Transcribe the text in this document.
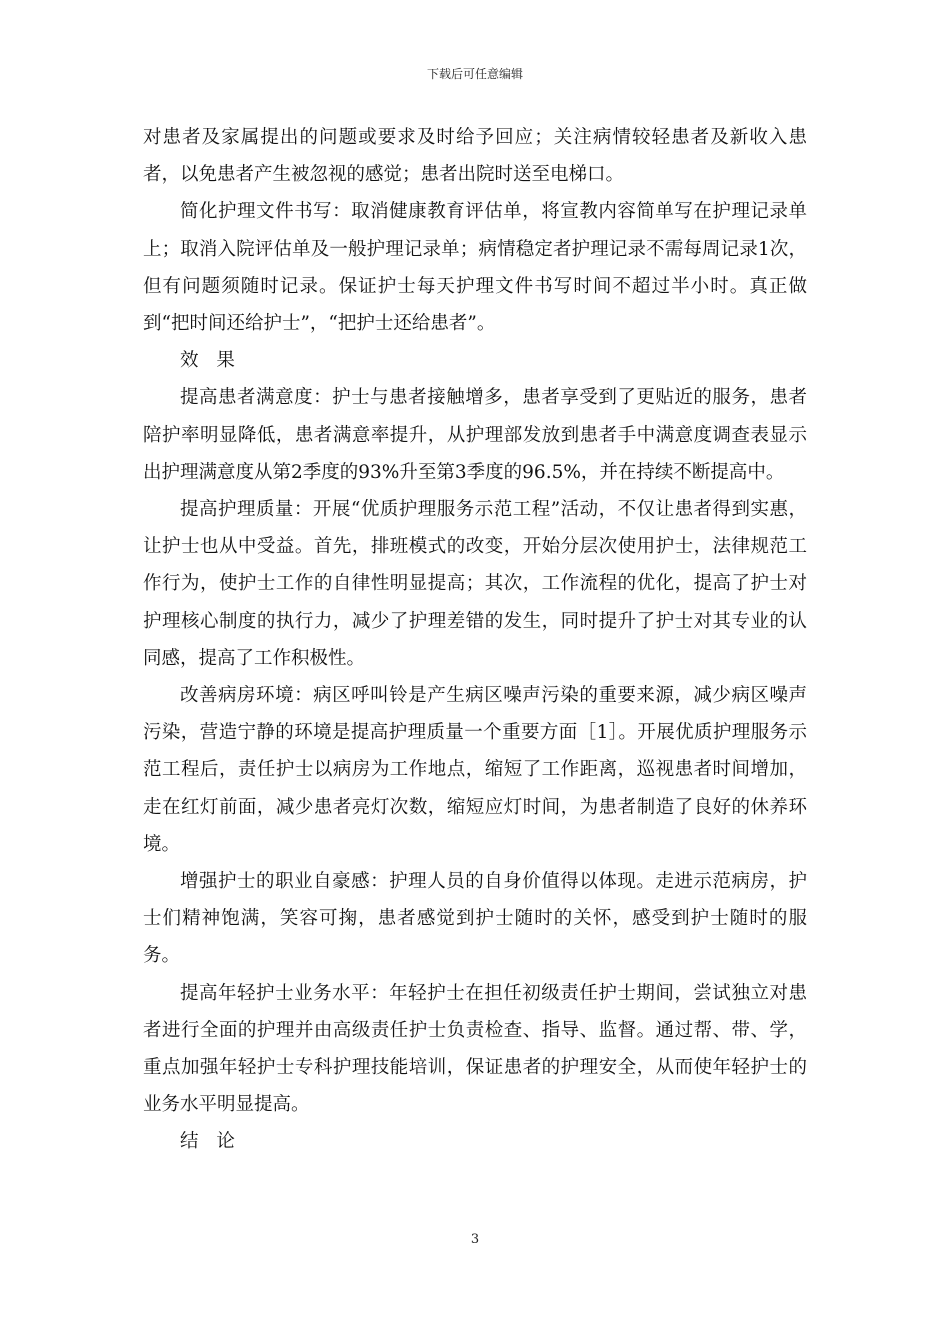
下载后可任意编辑

对患者及家属提出的问题或要求及时给予回应；关注病情较轻患者及新收入患者，以免患者产生被忽视的感觉；患者出院时送至电梯口。

简化护理文件书写：取消健康教育评估单，将宣教内容简单写在护理记录单上；取消入院评估单及一般护理记录单；病情稳定者护理记录不需每周记录1次，但有问题须随时记录。保证护士每天护理文件书写时间不超过半小时。真正做到“把时间还给护士”，“把护士还给患者”。

效 果

提高患者满意度：护士与患者接触增多，患者享受到了更贴近的服务，患者陪护率明显降低，患者满意率提升，从护理部发放到患者手中满意度调查表显示出护理满意度从第2季度的93%升至第3季度的96.5%，并在持续不断提高中。

提高护理质量：开展“优质护理服务示范工程”活动，不仅让患者得到实惠，让护士也从中受益。首先，排班模式的改变，开始分层次使用护士，法律规范工作行为，使护士工作的自律性明显提高；其次，工作流程的优化，提高了护士对护理核心制度的执行力，减少了护理差错的发生，同时提升了护士对其专业的认同感，提高了工作积极性。

改善病房环境：病区呼叫铃是产生病区噪声污染的重要来源，减少病区噪声污染，营造宁静的环境是提高护理质量一个重要方面［1］。开展优质护理服务示范工程后，责任护士以病房为工作地点，缩短了工作距离，巡视患者时间增加，走在红灯前面，减少患者亮灯次数，缩短应灯时间，为患者制造了良好的休养环境。

增强护士的职业自豪感：护理人员的自身价值得以体现。走进示范病房，护士们精神饱满，笑容可掬，患者感觉到护士随时的关怀，感受到护士随时的服务。

提高年轻护士业务水平：年轻护士在担任初级责任护士期间，尝试独立对患者进行全面的护理并由高级责任护士负责检查、指导、监督。通过帮、带、学，重点加强年轻护士专科护理技能培训，保证患者的护理安全，从而使年轻护士的业务水平明显提高。

结 论

3
